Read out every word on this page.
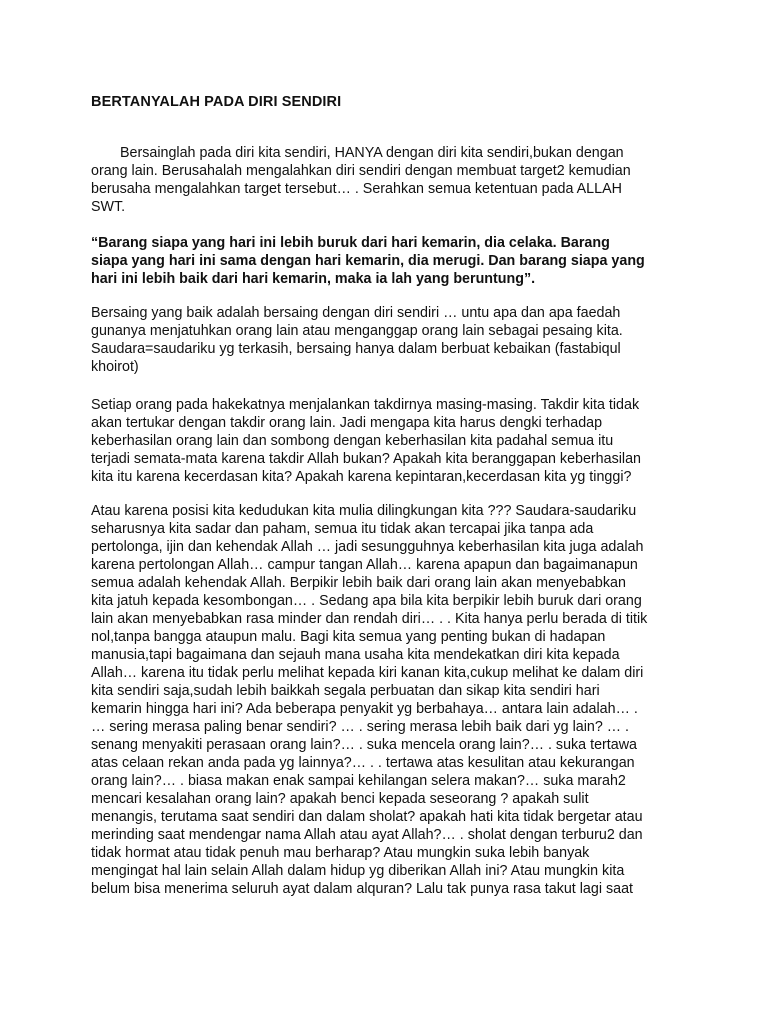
BERTANYALAH PADA DIRI SENDIRI
Bersainglah pada diri kita sendiri, HANYA dengan diri kita sendiri,bukan dengan
orang lain. Berusahalah mengalahkan diri sendiri dengan membuat target2 kemudian
berusaha mengalahkan target tersebut… . Serahkan semua ketentuan pada ALLAH
SWT.
“Barang siapa yang hari ini lebih buruk dari hari kemarin, dia celaka. Barang
siapa yang hari ini sama dengan hari kemarin, dia merugi. Dan barang siapa yang
hari ini lebih baik dari hari kemarin, maka ia lah yang beruntung”.
Bersaing yang baik adalah bersaing dengan diri sendiri … untu apa dan apa faedah
gunanya menjatuhkan orang lain atau menganggap orang lain sebagai pesaing kita.
Saudara=saudariku yg terkasih, bersaing hanya dalam berbuat kebaikan (fastabiqul
khoirot)
Setiap orang pada hakekatnya menjalankan takdirnya masing-masing. Takdir kita tidak
akan tertukar dengan takdir orang lain. Jadi mengapa kita harus dengki terhadap
keberhasilan orang lain dan sombong dengan keberhasilan kita padahal semua itu
terjadi semata-mata karena takdir Allah bukan? Apakah kita beranggapan keberhasilan
kita itu karena kecerdasan kita? Apakah karena kepintaran,kecerdasan kita yg tinggi?
Atau karena posisi kita kedudukan kita mulia dilingkungan kita ??? Saudara-saudariku
seharusnya kita sadar dan paham, semua itu tidak akan tercapai jika tanpa ada
pertolonga, ijin dan kehendak Allah … jadi sesungguhnya keberhasilan kita juga adalah
karena pertolongan Allah… campur tangan Allah… karena apapun dan bagaimanapun
semua adalah kehendak Allah. Berpikir lebih baik dari orang lain akan menyebabkan
kita jatuh kepada kesombongan… . Sedang apa bila kita berpikir lebih buruk dari orang
lain akan menyebabkan rasa minder dan rendah diri… . . Kita hanya perlu berada di titik
nol,tanpa bangga ataupun malu. Bagi kita semua yang penting bukan di hadapan
manusia,tapi bagaimana dan sejauh mana usaha kita mendekatkan diri kita kepada
Allah… karena itu tidak perlu melihat kepada kiri kanan kita,cukup melihat ke dalam diri
kita sendiri saja,sudah lebih baikkah segala perbuatan dan sikap kita sendiri hari
kemarin hingga hari ini? Ada beberapa penyakit yg berbahaya… antara lain adalah… .
… sering merasa paling benar sendiri? … . sering merasa lebih baik dari yg lain? … .
senang menyakiti perasaan orang lain?… . suka mencela orang lain?… . suka tertawa
atas celaan rekan anda pada yg lainnya?… . . tertawa atas kesulitan atau kekurangan
orang lain?… . biasa makan enak sampai kehilangan selera makan?… suka marah2
mencari kesalahan orang lain? apakah benci kepada seseorang ? apakah sulit
menangis, terutama saat sendiri dan dalam sholat? apakah hati kita tidak bergetar atau
merinding saat mendengar nama Allah atau ayat Allah?… . sholat dengan terburu2 dan
tidak hormat atau tidak penuh mau berharap? Atau mungkin suka lebih banyak
mengingat hal lain selain Allah dalam hidup yg diberikan Allah ini? Atau mungkin kita
belum bisa menerima seluruh ayat dalam alquran? Lalu tak punya rasa takut lagi saat
